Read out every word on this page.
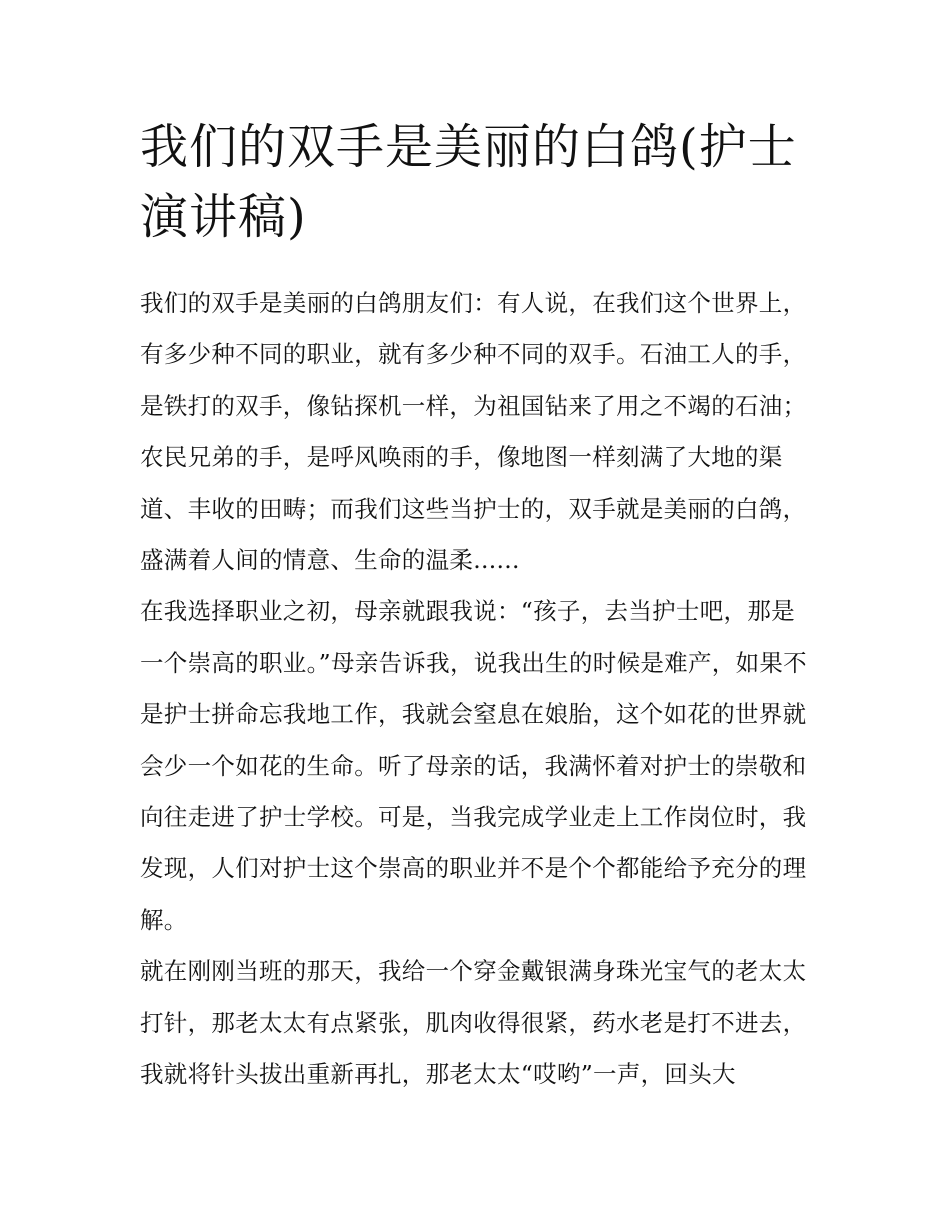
我们的双手是美丽的白鸽(护士演讲稿)

我们的双手是美丽的白鸽朋友们：有人说，在我们这个世界上，有多少种不同的职业，就有多少种不同的双手。石油工人的手，是铁打的双手，像钻探机一样，为祖国钻来了用之不竭的石油；农民兄弟的手，是呼风唤雨的手，像地图一样刻满了大地的渠道、丰收的田畴；而我们这些当护士的，双手就是美丽的白鸽，盛满着人间的情意、生命的温柔......

在我选择职业之初，母亲就跟我说：“孩子，去当护士吧，那是一个崇高的职业。”母亲告诉我，说我出生的时候是难产，如果不是护士拼命忘我地工作，我就会窒息在娘胎，这个如花的世界就会少一个如花的生命。听了母亲的话，我满怀着对护士的崇敬和向往走进了护士学校。可是，当我完成学业走上工作岗位时，我发现，人们对护士这个崇高的职业并不是个个都能给予充分的理解。

就在刚刚当班的那天，我给一个穿金戴银满身珠光宝气的老太太打针，那老太太有点紧张，肌肉收得很紧，药水老是打不进去，我就将针头拔出重新再扎，那老太太“哎哟”一声，回头大
